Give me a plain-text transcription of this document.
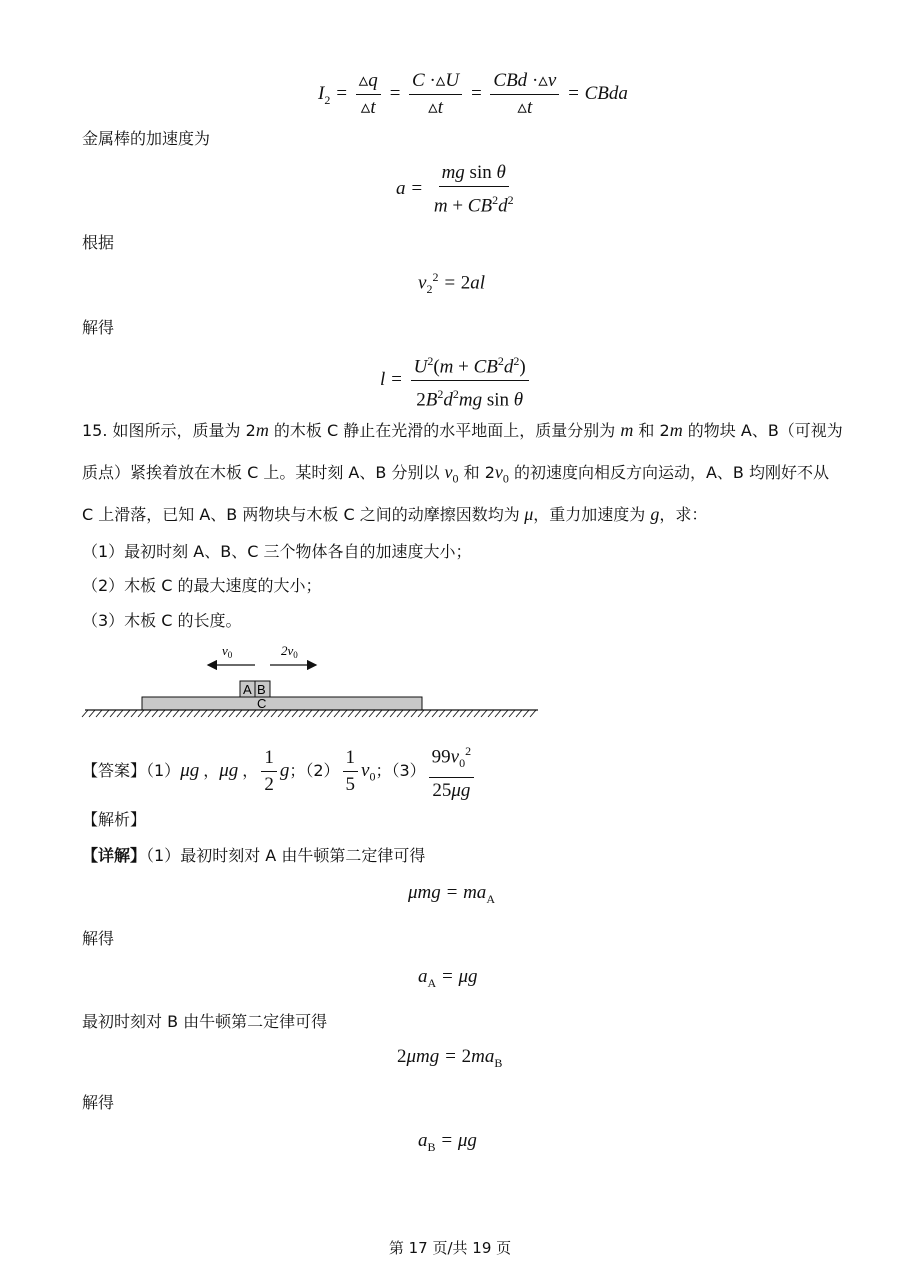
$I_2 = \frac{▵q}{▵t} = \frac{C \cdot▵U}{▵t} = \frac{\text{CBd ·▵v}}{▵t}$ = CBda
金属棒的加速度为
$a = \frac{\text{mg sin θ}}{m + CB^2d^2}$
根据
$v_2^2 = 2al$
解得
$l = \frac{U^2(m + CB^2d^2)}{2B^2d^2mg \sin \theta}$
15. 如图所示，质量为 2m 的木板 C 静止在光滑的水平地面上，质量分别为 m 和 2m 的物块 A、B（可视为
质点）紧挨着放在木板 C 上。某时刻 A、B 分别以 $v_0$ 和 $2v_0$ 的初速度向相反方向运动，A、B 均刚好不从
C 上滑落，已知 A、B 两物块与木板 C 之间的动摩擦因数均为 μ，重力加速度为 g，求：
（1）最初时刻 A、B、C 三个物体各自的加速度大小；
（2）木板 C 的最大速度的大小；
（3）木板 C 的长度。
$v_0$	$2v_0$
A B
C
【答案】（1） μg ， μg ， $\frac{1}{2}$ g ；$(2) \frac{1}{5} v_0$ ；$(3) \frac{99v_0^2}{25\mu g}$
【解析】
【详解】（1）最初时刻对 A 由牛顿第二定律可得
$\mu mg = ma_A$
解得
$a_A = \mu g$
最初时刻对 B 由牛顿第二定律可得
$2\mu mg = 2ma_B$
解得
$a_B = \mu g$
第 17 页/共 19 页
